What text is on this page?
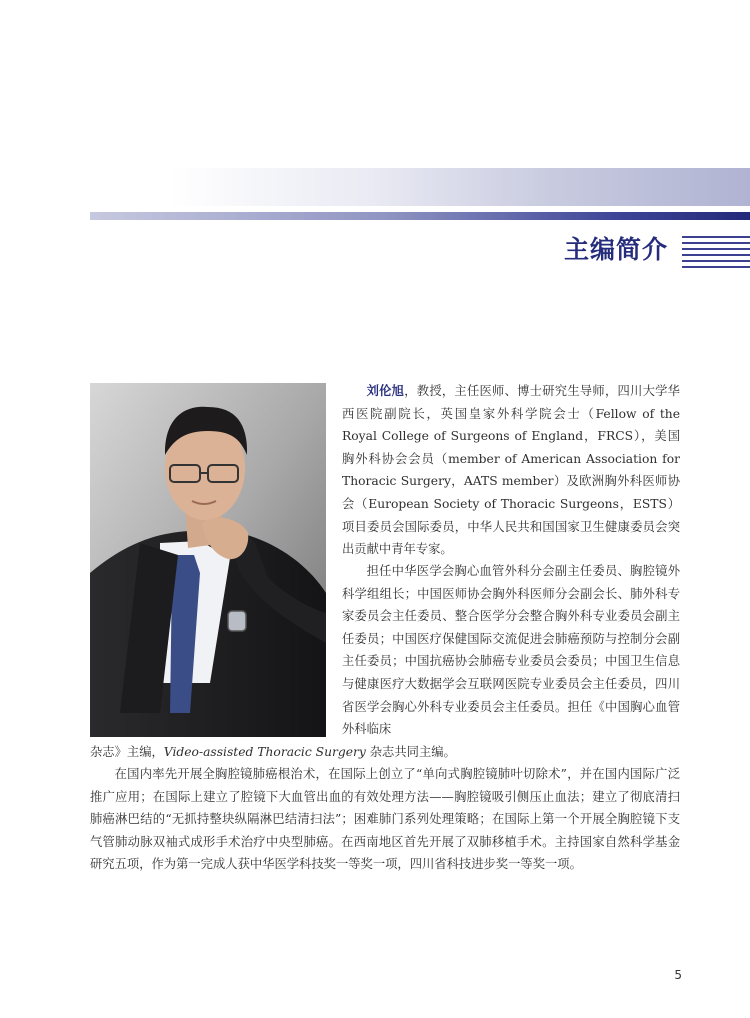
主编简介
刘伦旭，教授，主任医师、博士研究生导师，四川大学华西医院副院长，英国皇家外科学院会士（Fellow of the Royal College of Surgeons of England，FRCS），美国胸外科协会会员（member of American Association for Thoracic Surgery，AATS member）及欧洲胸外科医师协会（European Society of Thoracic Surgeons，ESTS）项目委员会国际委员，中华人民共和国国家卫生健康委员会突出贡献中青年专家。
担任中华医学会胸心血管外科分会副主任委员、胸腔镜外科学组组长；中国医师协会胸外科医师分会副会长、肺外科专家委员会主任委员、整合医学分会整合胸外科专业委员会副主任委员；中国医疗保健国际交流促进会肺癌预防与控制分会副主任委员；中国抗癌协会肺癌专业委员会委员；中国卫生信息与健康医疗大数据学会互联网医院专业委员会主任委员，四川省医学会胸心外科专业委员会主任委员。担任《中国胸心血管外科临床
杂志》主编，Video-assisted Thoracic Surgery 杂志共同主编。
在国内率先开展全胸腔镜肺癌根治术，在国际上创立了“单向式胸腔镜肺叶切除术”，并在国内国际广泛推广应用；在国际上建立了腔镜下大血管出血的有效处理方法——胸腔镜吸引侧压止血法；建立了彻底清扫肺癌淋巴结的“无抓持整块纵隔淋巴结清扫法”；困难肺门系列处理策略；在国际上第一个开展全胸腔镜下支气管肺动脉双袖式成形手术治疗中央型肺癌。在西南地区首先开展了双肺移植手术。主持国家自然科学基金研究五项，作为第一完成人获中华医学科技奖一等奖一项，四川省科技进步奖一等奖一项。
5
